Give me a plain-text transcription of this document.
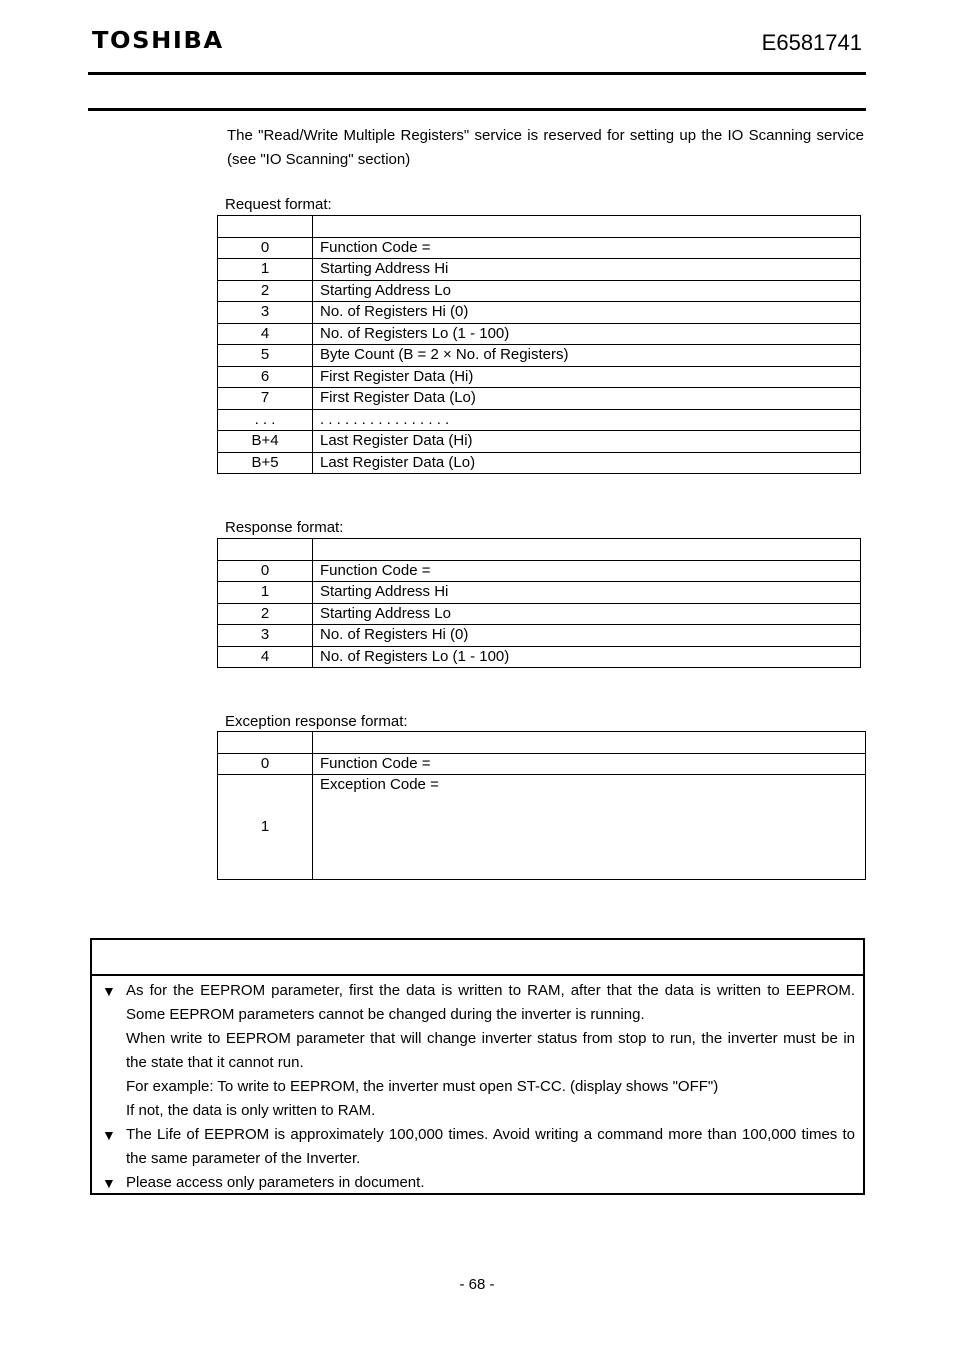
TOSHIBA	E6581741
The "Read/Write Multiple Registers" service is reserved for setting up the IO Scanning service (see "IO Scanning" section)
Request format:

0	Function Code =
1	Starting Address Hi
2	Starting Address Lo
3	No. of Registers Hi (0)
4	No. of Registers Lo (1 - 100)
5	Byte Count (B = 2 × No. of Registers)
6	First Register Data (Hi)
7	First Register Data (Lo)
. . .	. . . . . . . . . . . . . . . .
B+4	Last Register Data (Hi)
B+5	Last Register Data (Lo)
Response format:

0	Function Code =
1	Starting Address Hi
2	Starting Address Lo
3	No. of Registers Hi (0)
4	No. of Registers Lo (1 - 100)
Exception response format:

0	Function Code =
1	Exception Code =
▼ As for the EEPROM parameter, first the data is written to RAM, after that the data is written to EEPROM. Some EEPROM parameters cannot be changed during the inverter is running.
When write to EEPROM parameter that will change inverter status from stop to run, the inverter must be in the state that it cannot run.
For example: To write to EEPROM, the inverter must open ST-CC. (display shows "OFF")
If not, the data is only written to RAM.
▼ The Life of EEPROM is approximately 100,000 times. Avoid writing a command more than 100,000 times to the same parameter of the Inverter.
▼ Please access only parameters in document.
- 68 -
